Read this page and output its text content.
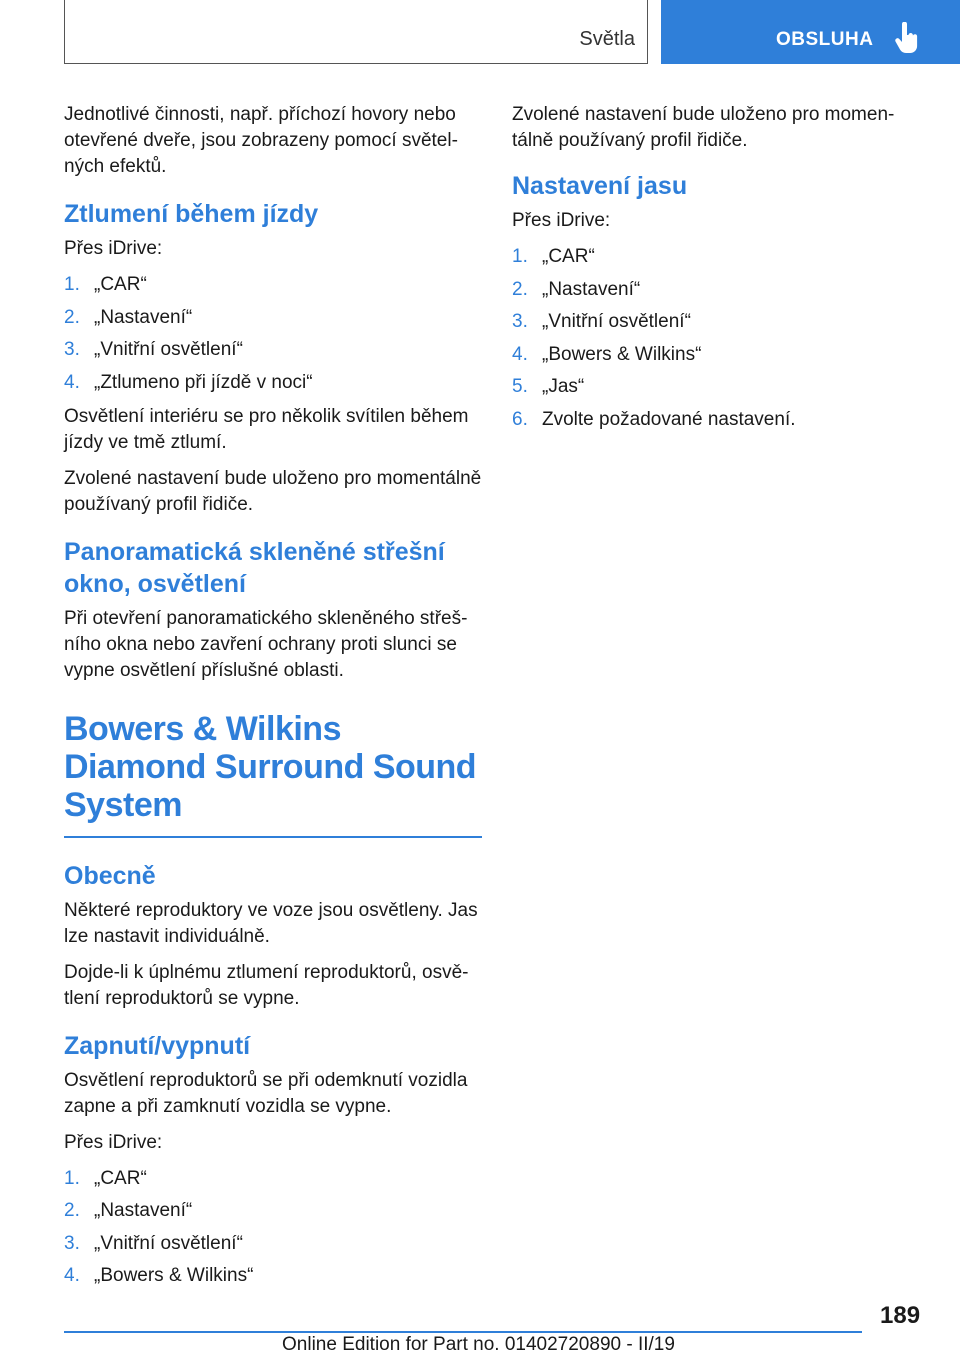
Světla	OBSLUHA

Jednotlivé činnosti, např. příchozí hovory nebo otevřené dveře, jsou zobrazeny pomocí světelných efektů.

Ztlumení během jízdy

Přes iDrive:

1. „CAR“
2. „Nastavení“
3. „Vnitřní osvětlení“
4. „Ztlumeno při jízdě v noci“

Osvětlení interiéru se pro několik svítilen během jízdy ve tmě ztlumí.

Zvolené nastavení bude uloženo pro momentálně používaný profil řidiče.

Panoramatická skleněné střešní okno, osvětlení

Při otevření panoramatického skleněného střešního okna nebo zavření ochrany proti slunci se vypne osvětlení příslušné oblasti.

Bowers & Wilkins Diamond Surround Sound System
Obecně

Některé reproduktory ve voze jsou osvětleny. Jas lze nastavit individuálně.

Dojde-li k úplnému ztlumení reproduktorů, osvětlení reproduktorů se vypne.

Zapnutí/vypnutí

Osvětlení reproduktorů se při odemknutí vozidla zapne a při zamknutí vozidla se vypne.

Přes iDrive:

1. „CAR“
2. „Nastavení“
3. „Vnitřní osvětlení“
4. „Bowers & Wilkins“

Zvolené nastavení bude uloženo pro momentálně používaný profil řidiče.

Nastavení jasu

Přes iDrive:

1. „CAR“
2. „Nastavení“
3. „Vnitřní osvětlení“
4. „Bowers & Wilkins“
5. „Jas“
6. Zvolte požadované nastavení.
189
Online Edition for Part no. 01402720890 - II/19
